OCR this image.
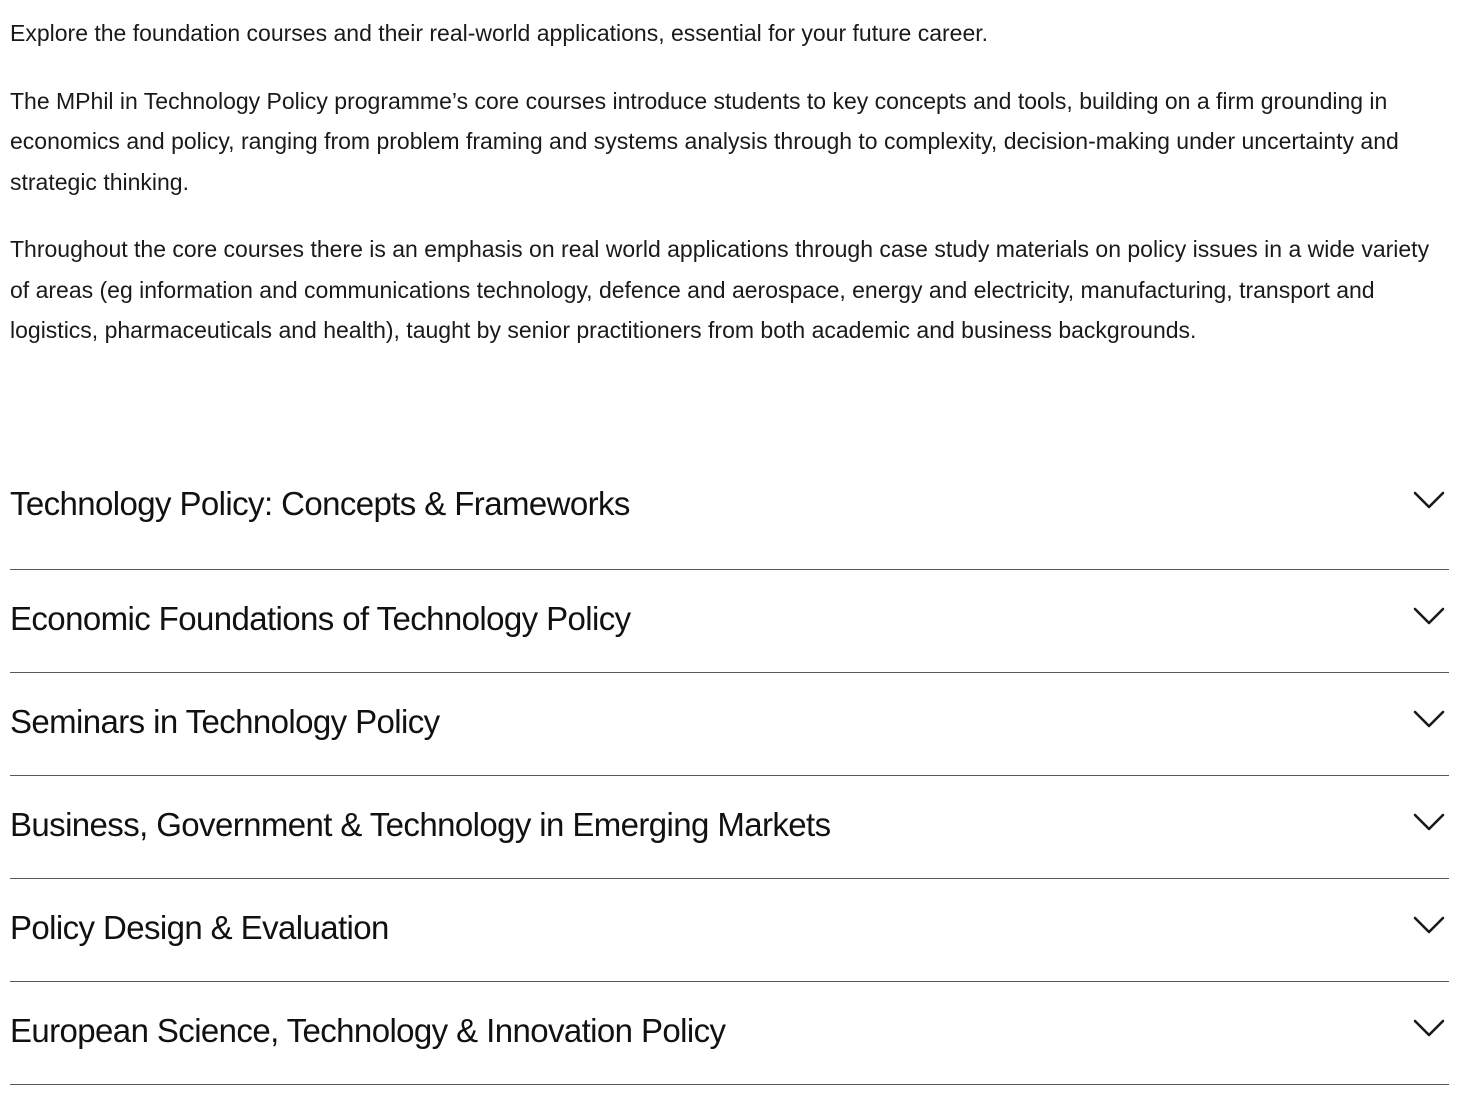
Explore the foundation courses and their real-world applications, essential for your future career.

The MPhil in Technology Policy programme’s core courses introduce students to key concepts and tools, building on a firm grounding in economics and policy, ranging from problem framing and systems analysis through to complexity, decision-making under uncertainty and strategic thinking.

Throughout the core courses there is an emphasis on real world applications through case study materials on policy issues in a wide variety of areas (eg information and communications technology, defence and aerospace, energy and electricity, manufacturing, transport and logistics, pharmaceuticals and health), taught by senior practitioners from both academic and business backgrounds.

Technology Policy: Concepts & Frameworks
Economic Foundations of Technology Policy
Seminars in Technology Policy
Business, Government & Technology in Emerging Markets
Policy Design & Evaluation
European Science, Technology & Innovation Policy
